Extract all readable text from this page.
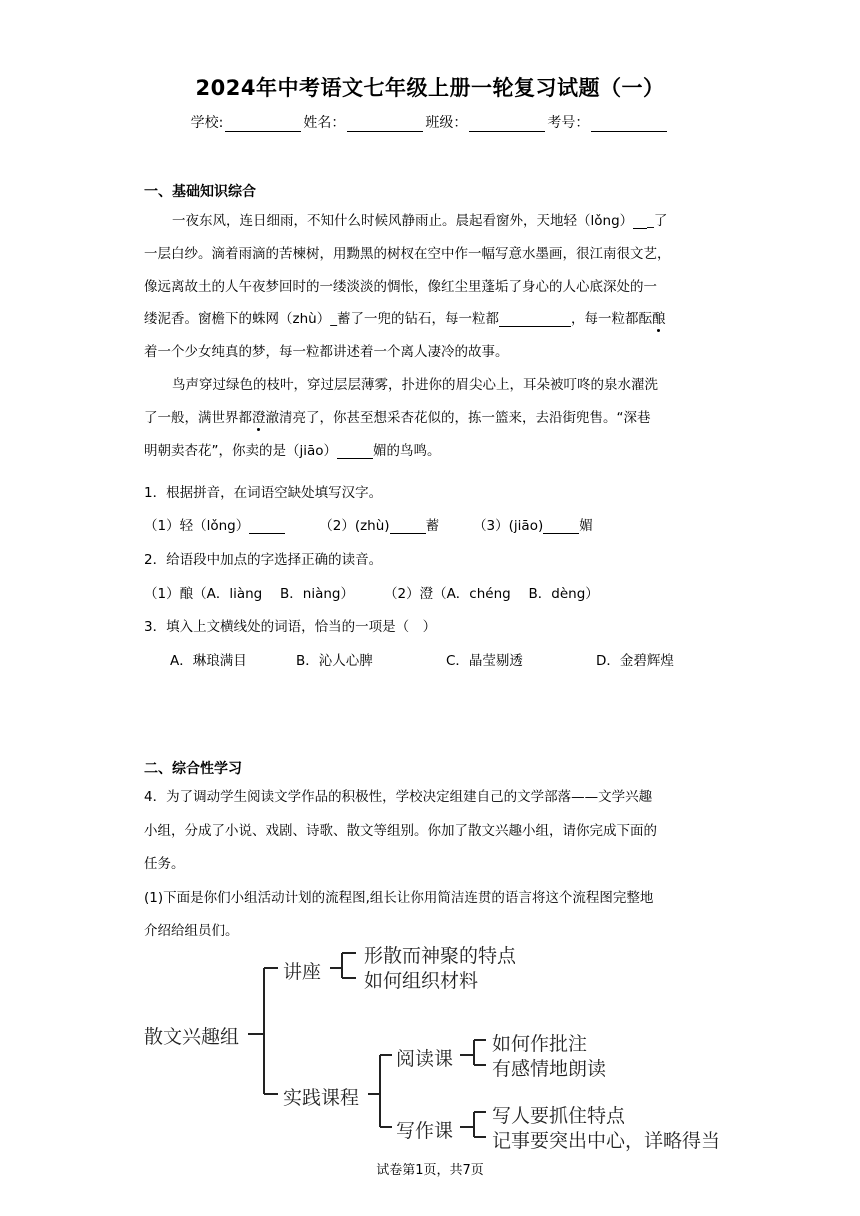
2024年中考语文七年级上册一轮复习试题（一）
学校:	姓名：	班级：	考号：
一、基础知识综合
一夜东风，连日细雨，不知什么时候风静雨止。晨起看窗外，天地轻（lǒng） _了
一层白纱。滴着雨滴的苦楝树，用黝黑的树杈在空中作一幅写意水墨画，很江南很文艺，
像远离故土的人午夜梦回时的一缕淡淡的惆怅，像红尘里蓬垢了身心的人心底深处的一
缕泥香。窗檐下的蛛网（zhù）_蓄了一兜的钻石，每一粒都	，每一粒都酝酿
着一个少女纯真的梦，每一粒都讲述着一个离人凄冷的故事。
鸟声穿过绿色的枝叶，穿过层层薄雾，扑进你的眉尖心上，耳朵被叮咚的泉水濯洗
了一般，满世界都澄澈清亮了，你甚至想采杏花似的，拣一篮来，去沿街兜售。“深巷
明朝卖杏花”，你卖的是（jiāo）	媚的鸟鸣。
1．根据拼音，在词语空缺处填写汉字。
（1）轻（lǒng）	（2）(zhù)	蓄	（3）(jiāo)	媚
2．给语段中加点的字选择正确的读音。
（1）酿（A．liàng　 B．niàng） （2）澄（A．chéng　 B．dèng）
3．填入上文横线处的词语，恰当的一项是（　）
A．琳琅满目	B．沁人心脾	C．晶莹剔透	D．金碧辉煌
二、综合性学习
4．为了调动学生阅读文学作品的积极性，学校决定组建自己的文学部落——文学兴趣
小组，分成了小说、戏剧、诗歌、散文等组别。你加了散文兴趣小组，请你完成下面的
任务。
(1)下面是你们小组活动计划的流程图,组长让你用简洁连贯的语言将这个流程图完整地
介绍给组员们。
散文兴趣组
讲座
形散而神聚的特点
如何组织材料
实践课程
阅读课
如何作批注
有感情地朗读
写作课
写人要抓住特点
记事要突出中心，详略得当
试卷第1页，共7页
